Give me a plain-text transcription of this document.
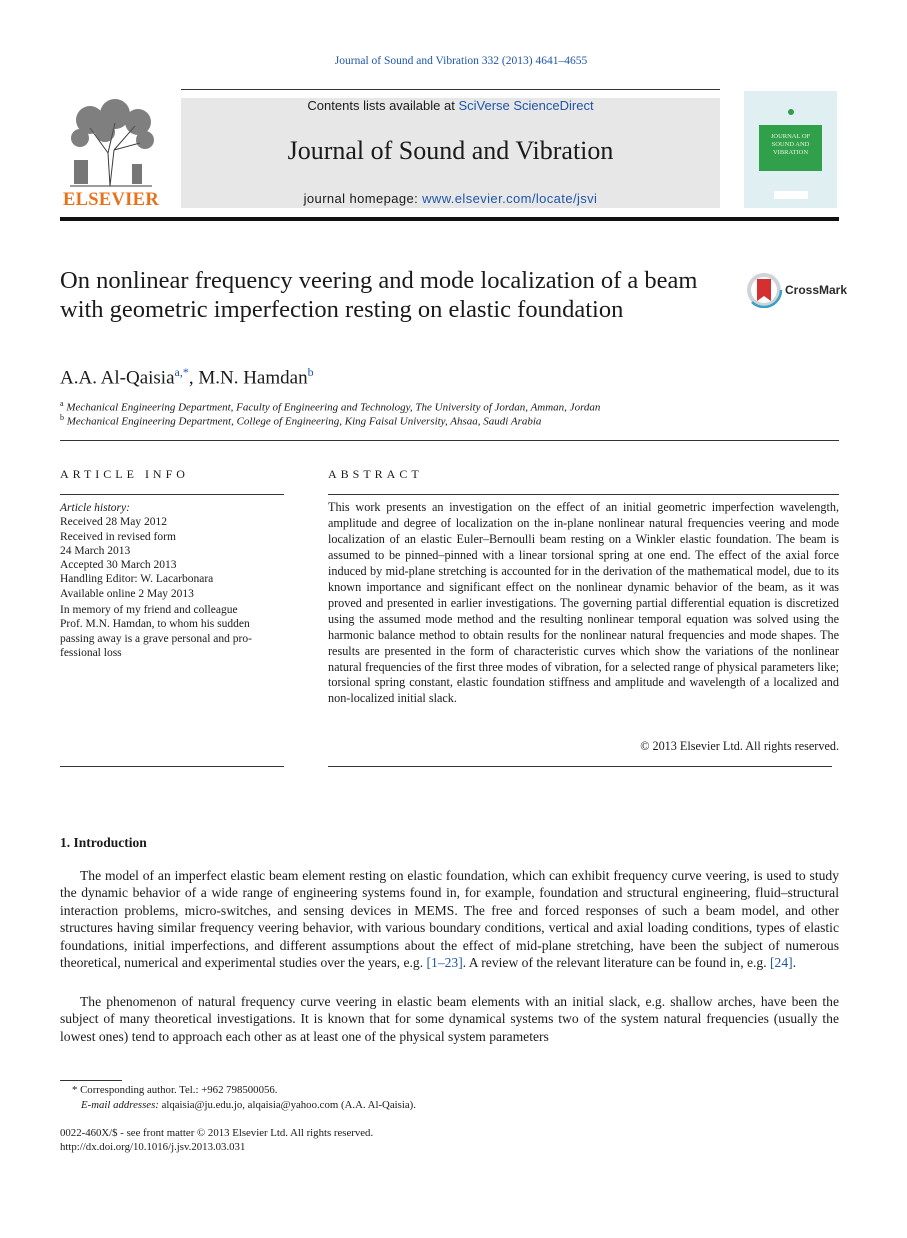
Journal of Sound and Vibration 332 (2013) 4641–4655
ELSEVIER
Contents lists available at SciVerse ScienceDirect
Journal of Sound and Vibration
journal homepage: www.elsevier.com/locate/jsvi
JOURNAL OF SOUND AND VIBRATION
On nonlinear frequency veering and mode localization of a beam with geometric imperfection resting on elastic foundation
CrossMark
A.A. Al-Qaisia$^{a,*}$, M.N. Hamdan$^b$
$^a$ Mechanical Engineering Department, Faculty of Engineering and Technology, The University of Jordan, Amman, Jordan
$^b$ Mechanical Engineering Department, College of Engineering, King Faisal University, Ahsaa, Saudi Arabia
ARTICLE INFO
Article history:
Received 28 May 2012
Received in revised form
24 March 2013
Accepted 30 March 2013
Handling Editor: W. Lacarbonara
Available online 2 May 2013
In memory of my friend and colleague
Prof. M.N. Hamdan, to whom his sudden
passing away is a grave personal and pro-
fessional loss
ABSTRACT
This work presents an investigation on the effect of an initial geometric imperfection wavelength, amplitude and degree of localization on the in-plane nonlinear natural frequencies veering and mode localization of an elastic Euler–Bernoulli beam resting on a Winkler elastic foundation. The beam is assumed to be pinned–pinned with a linear torsional spring at one end. The effect of the axial force induced by mid-plane stretching is accounted for in the derivation of the mathematical model, due to its known importance and significant effect on the nonlinear dynamic behavior of the beam, as it was proved and presented in earlier investigations. The governing partial differential equation is discretized using the assumed mode method and the resulting nonlinear temporal equation was solved using the harmonic balance method to obtain results for the nonlinear natural frequencies and mode shapes. The results are presented in the form of characteristic curves which show the variations of the nonlinear natural frequencies of the first three modes of vibration, for a selected range of physical parameters like; torsional spring constant, elastic foundation stiffness and amplitude and wavelength of a localized and non-localized initial slack.
© 2013 Elsevier Ltd. All rights reserved.
1. Introduction
The model of an imperfect elastic beam element resting on elastic foundation, which can exhibit frequency curve veering, is used to study the dynamic behavior of a wide range of engineering systems found in, for example, foundation and structural engineering, fluid–structural interaction problems, micro-switches, and sensing devices in MEMS. The free and forced responses of such a beam model, and other structures having similar frequency veering behavior, with various boundary conditions, vertical and axial loading conditions, types of elastic foundations, initial imperfections, and different assumptions about the effect of mid-plane stretching, have been the subject of numerous theoretical, numerical and experimental studies over the years, e.g. [1–23]. A review of the relevant literature can be found in, e.g. [24].
The phenomenon of natural frequency curve veering in elastic beam elements with an initial slack, e.g. shallow arches, have been the subject of many theoretical investigations. It is known that for some dynamical systems two of the system natural frequencies (usually the lowest ones) tend to approach each other as at least one of the physical system parameters
* Corresponding author. Tel.: +962 798500056.
E-mail addresses: alqaisia@ju.edu.jo, alqaisia@yahoo.com (A.A. Al-Qaisia).
0022-460X/$ - see front matter © 2013 Elsevier Ltd. All rights reserved.
http://dx.doi.org/10.1016/j.jsv.2013.03.031
